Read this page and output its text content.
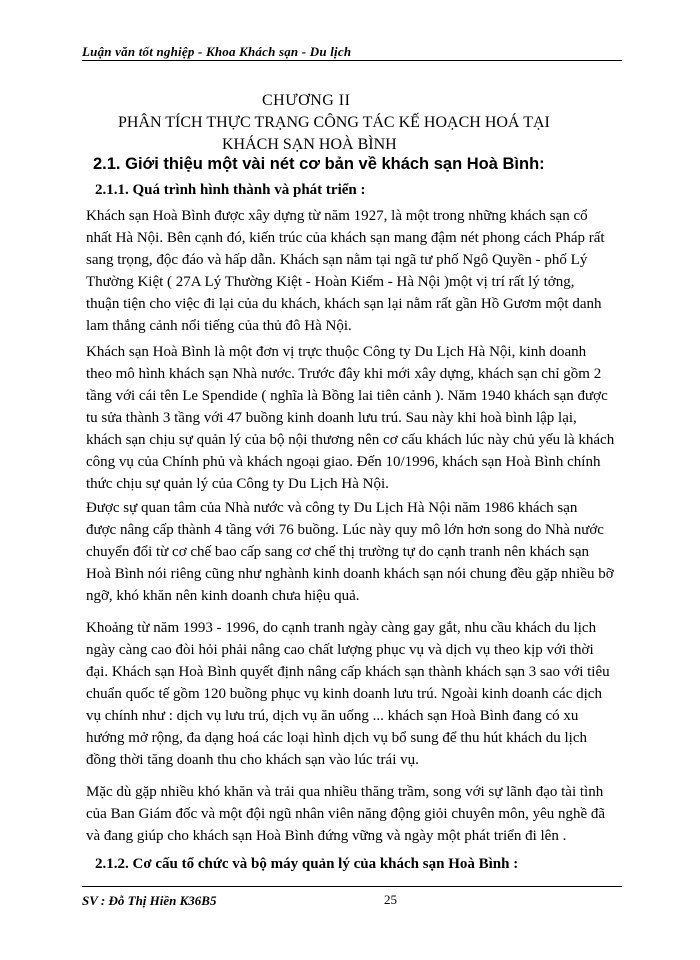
Luận văn tốt nghiệp - Khoa Khách sạn - Du lịch
CHƯƠNG II
PHÂN TÍCH THỰC TRẠNG CÔNG TÁC KẾ HOẠCH HOÁ TẠI
KHÁCH SẠN HOÀ BÌNH
2.1. Giới thiệu một vài nét cơ bản về khách sạn Hoà Bình:
2.1.1. Quá trình hình thành và phát triển :
Khách sạn Hoà Bình được xây dựng từ năm 1927, là một trong những khách sạn cổ
nhất Hà Nội. Bên cạnh đó, kiến trúc của khách sạn mang đậm nét phong cách Pháp rất
sang trọng, độc đáo và hấp dẫn. Khách sạn nằm tại ngã tư phố Ngô Quyền - phố Lý
Thường Kiệt ( 27A Lý Thường Kiệt - Hoàn Kiếm - Hà Nội )một vị trí rất lý tởng,
thuận tiện cho việc đi lại của du khách, khách sạn lại nằm rất gần Hồ Gươm một danh
lam thắng cảnh nổi tiếng của thủ đô Hà Nội.
Khách sạn Hoà Bình là một đơn vị trực thuộc Công ty Du Lịch Hà Nội, kinh doanh
theo mô hình khách sạn Nhà nước. Trước đây khi mới xây dựng, khách sạn chỉ gồm 2
tầng với cái tên Le Spendide ( nghĩa là Bồng lai tiên cảnh ). Năm 1940 khách sạn được
tu sửa thành 3 tầng với 47 buồng kinh doanh lưu trú. Sau này khi hoà bình lập lại,
khách sạn chịu sự quản lý của bộ nội thương nên cơ cấu khách lúc này chủ yếu là khách
công vụ của Chính phủ và khách ngoại giao. Đến 10/1996, khách sạn Hoà Bình chính
thức chịu sự quản lý của Công ty Du Lịch Hà Nội.
Được sự quan tâm của Nhà nước và công ty Du Lịch Hà Nội năm 1986 khách sạn
được nâng cấp thành 4 tầng với 76 buồng. Lúc này quy mô lớn hơn song do Nhà nước
chuyển đổi từ cơ chế bao cấp sang cơ chế thị trường tự do cạnh tranh nên khách sạn
Hoà Bình nói riêng cũng như nghành kinh doanh khách sạn nói chung đều gặp nhiều bỡ
ngỡ, khó khăn nên kinh doanh chưa hiệu quả.
Khoảng từ năm 1993 - 1996, do cạnh tranh ngày càng gay gắt, nhu cầu khách du lịch
ngày càng cao đòi hỏi phải nâng cao chất lượng phục vụ và dịch vụ theo kịp với thời
đại. Khách sạn Hoà Bình quyết định nâng cấp khách sạn thành khách sạn 3 sao với tiêu
chuẩn quốc tế gồm 120 buồng phục vụ kinh doanh lưu trú. Ngoài kinh doanh các dịch
vụ chính như : dịch vụ lưu trú, dịch vụ ăn uống ... khách sạn Hoà Bình đang có xu
hướng mở rộng, đa dạng hoá các loại hình dịch vụ bổ sung để thu hút khách du lịch
đồng thời tăng doanh thu cho khách sạn vào lúc trái vụ.
Mặc dù gặp nhiều khó khăn và trải qua nhiều thăng trầm, song với sự lãnh đạo tài tình
của Ban Giám đốc và một đội ngũ nhân viên năng động giỏi chuyên môn, yêu nghề đã
và đang giúp cho khách sạn Hoà Bình đứng vững và ngày một phát triển đi lên .
2.1.2. Cơ cấu tổ chức và bộ máy quản lý của khách sạn Hoà Bình :
SV : Đỗ Thị Hiền K36B5	25
